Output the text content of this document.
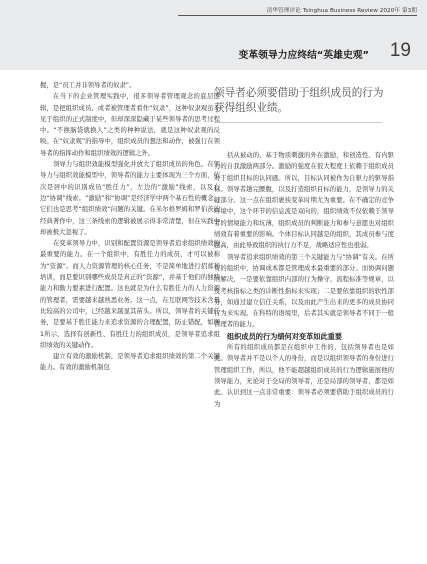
清华管理评论 Tsinghua Business Review 2020年 第3期
变革领导力应终结“英雄史观” 19

握，是“员工并非领导者的奴隶”。

在当下的企业管理实践中，很多领导者管理观念的底层逻辑，是把组织成员、或者被管理者看作“奴隶”，这种奴隶观虽不见于组织的正式制度中，但却深深隐藏于某些领导者的思考过程中。“不换脑袋就换人”之类的种种说法，就是这种奴隶观的反映。在“奴隶观”的指导中，组织成员的想法和动作，被强行在领导者的指挥动作和组织绩效的逻辑之外。

领导力与组织效能模型强化并放大了组织成员的角色。在领导力与组织效能模型中，领导者的能力主要体现为三个方面，依次是居中的识别成员“胜任力”，左边的“激励”线索，以及右边“协调”线索。“激励”和“协调”是经济学中两个基石性的概念，它们也是思考“组织绩效”问题的关键。在米尔格罗姆和罗伯茨的经典著作中，这三条线索的逻辑被展示得非常清楚，但在实践中却被极大忽视了。

在变革领导力中，识别和配置资源是领导者追求组织绩效的最重要的能力。在一个组织中，有胜任力的成员，才可以被称为“资源”。而人力资源管理的核心任务，不是简单地进行招募和培训，而是要识别哪些成员是真正的“资源”，并基于他们的独特能力和動力要素进行配置。这也就是为什么有胜任力的人力资源的管理者，需要越来越熟悉业务。这一点，在互联网等技术含量比较高的公司中，已经越来越显其苗头。所以，领导者的关键任务，是要基于胜任能力来追求资源的合理配置，防止错配，如图1所示，选择有创新性、有胜任力的组织成员，是领导者追求组织绩效的关键动作。

建立有效的激励机制，是领导者追求组织绩效的第二个关键能力。有效的激励机制包

领导者必须要借助于组织成员的行为获得组织业绩。

括从被动的、基于物质刺激的外在激励，和创造性、有内驱力的自我激励两部分。激励的强度在很大程度上依赖于组织成员对于组织目标的认同感。所以，目标认同被作为自驱力的驱导指标。领导者趟完腰腹，以及打造组织目标的能力，是领导力的关键部分。这一点在组织裹挟变革时期尤为重要。在不确定的竞争环境中，这个环节的信息流是双向的，组织绩效不仅依赖于领导者的情境能力和坑薄，组织成员的判断能力和参与意愿也对组织绩效有着重要的影响。个体目标认同越是的组织，其成员参与度越高，由此导致组织的执行力不足，战略适应性也很弱。

领导者追求组织绩效的第三个关键能力与“协调”有关。在所有的组织中，协调成本都是管理成本最重要的部分。而协调问题的解决，一是要依靠组织内部的行为操守、流程标准等规章，以及考核指标之类的诊断性指标来实现；二是要依靠组织的软性部分，如通过建立信任关系，以及由此产生出来的更多的成员协同行为来实现。在科特的语境里，后者其实就是领导者不同于一般管理者的能力。

组织成员的行为绩何对变革如此重要

所有的组织成员都是在组织中工作的，包括领导者也是如此。领导者并不是以个人的身份，而是以组织领导者的身份进行管理组织工作，所以，他不能超越组织成员的行为逻辑施展他的领导能力，无论对于全局的领导者，还是局部的领导者，都是如此。认识到这一点非常重要：领导者必须要借助于组织成员的行为
